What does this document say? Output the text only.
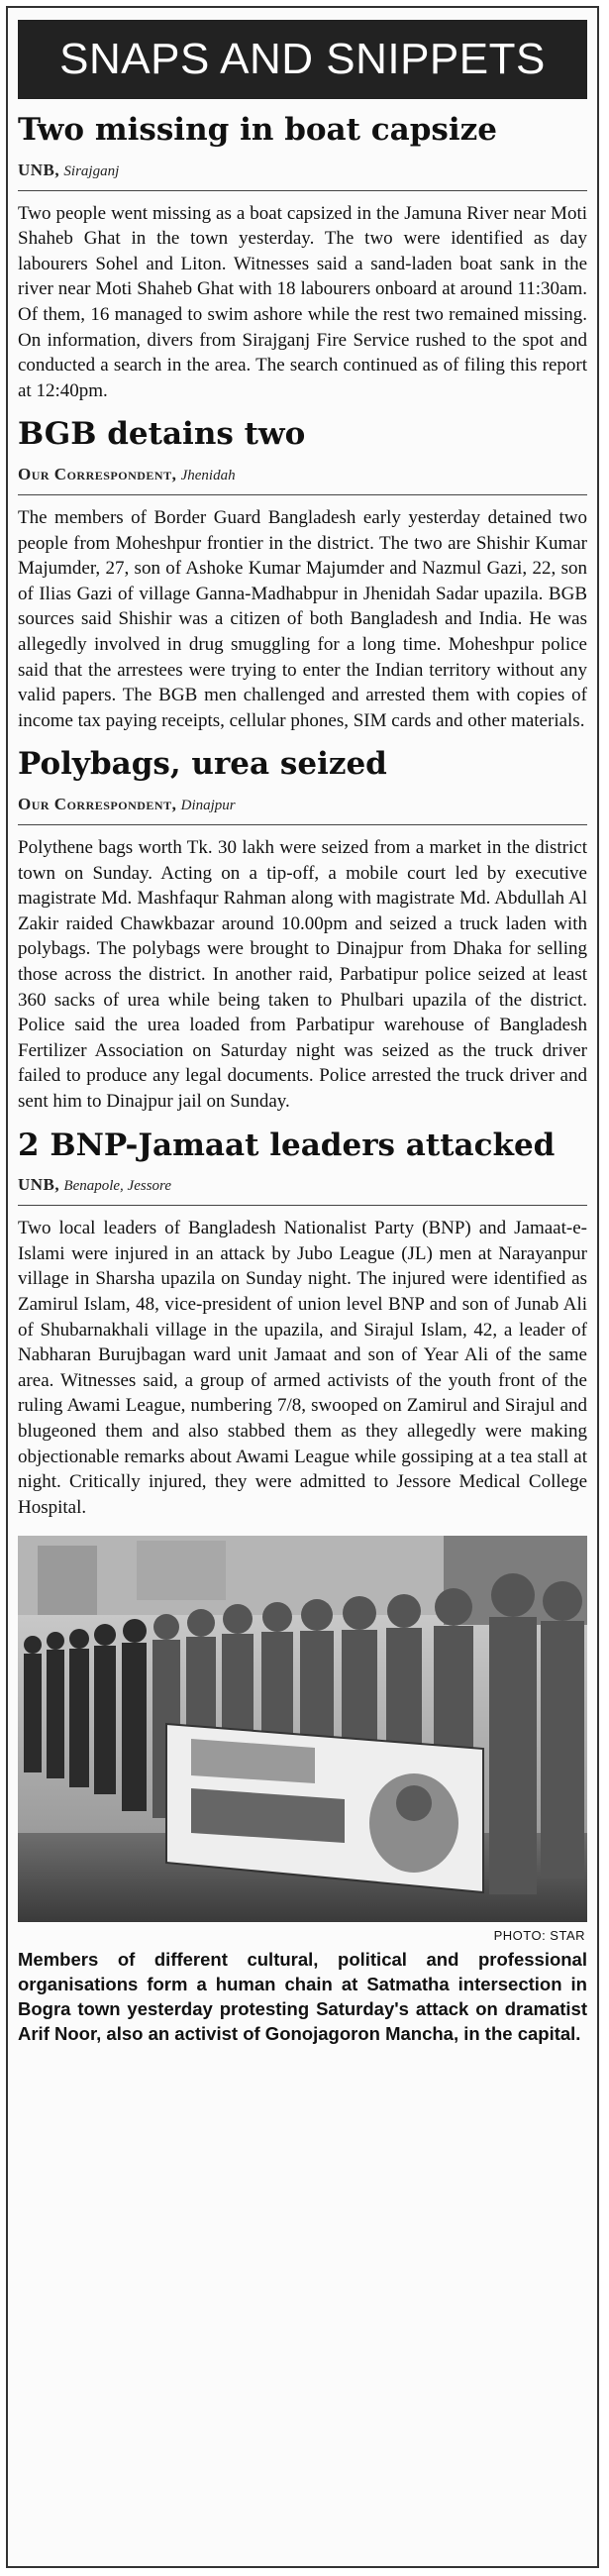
SNAPS AND SNIPPETS
Two missing in boat capsize
UNB, Sirajganj

Two people went missing as a boat capsized in the Jamuna River near Moti Shaheb Ghat in the town yesterday. The two were identified as day labourers Sohel and Liton. Witnesses said a sand-laden boat sank in the river near Moti Shaheb Ghat with 18 labourers onboard at around 11:30am. Of them, 16 managed to swim ashore while the rest two remained missing. On information, divers from Sirajganj Fire Service rushed to the spot and conducted a search in the area. The search continued as of filing this report at 12:40pm.

BGB detains two
Our Correspondent, Jhenidah

The members of Border Guard Bangladesh early yesterday detained two people from Moheshpur frontier in the district. The two are Shishir Kumar Majumder, 27, son of Ashoke Kumar Majumder and Nazmul Gazi, 22, son of Ilias Gazi of village Ganna-Madhabpur in Jhenidah Sadar upazila. BGB sources said Shishir was a citizen of both Bangladesh and India. He was allegedly involved in drug smuggling for a long time. Moheshpur police said that the arrestees were trying to enter the Indian territory without any valid papers. The BGB men challenged and arrested them with copies of income tax paying receipts, cellular phones, SIM cards and other materials.

Polybags, urea seized
Our Correspondent, Dinajpur

Polythene bags worth Tk. 30 lakh were seized from a market in the district town on Sunday. Acting on a tip-off, a mobile court led by executive magistrate Md. Mashfaqur Rahman along with magistrate Md. Abdullah Al Zakir raided Chawkbazar around 10.00pm and seized a truck laden with polybags. The polybags were brought to Dinajpur from Dhaka for selling those across the district. In another raid, Parbatipur police seized at least 360 sacks of urea while being taken to Phulbari upazila of the district. Police said the urea loaded from Parbatipur warehouse of Bangladesh Fertilizer Association on Saturday night was seized as the truck driver failed to produce any legal documents. Police arrested the truck driver and sent him to Dinajpur jail on Sunday.

2 BNP-Jamaat leaders attacked
UNB, Benapole, Jessore

Two local leaders of Bangladesh Nationalist Party (BNP) and Jamaat-e-Islami were injured in an attack by Jubo League (JL) men at Narayanpur village in Sharsha upazila on Sunday night. The injured were identified as Zamirul Islam, 48, vice-president of union level BNP and son of Junab Ali of Shubarnakhali village in the upazila, and Sirajul Islam, 42, a leader of Nabharan Burujbagan ward unit Jamaat and son of Year Ali of the same area. Witnesses said, a group of armed activists of the youth front of the ruling Awami League, numbering 7/8, swooped on Zamirul and Sirajul and blugeoned them and also stabbed them as they allegedly were making objectionable remarks about Awami League while gossiping at a tea stall at night. Critically injured, they were admitted to Jessore Medical College Hospital.

PHOTO: STAR

Members of different cultural, political and professional organisations form a human chain at Satmatha intersection in Bogra town yesterday protesting Saturday's attack on dramatist Arif Noor, also an activist of Gonojagoron Mancha, in the capital.
